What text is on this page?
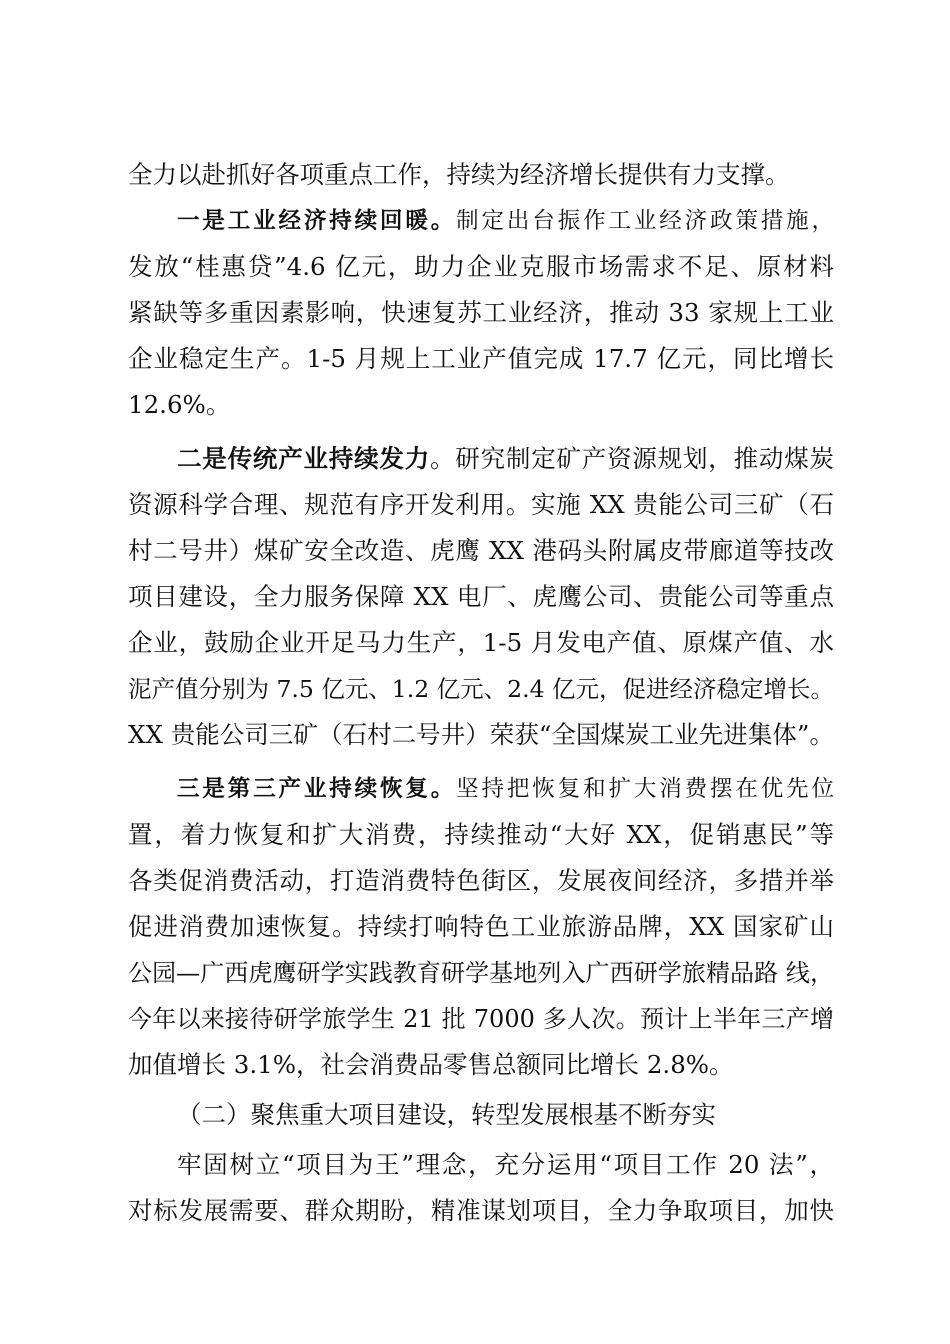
全力以赴抓好各项重点工作，持续为经济增长提供有力支撑。
一是工业经济持续回暖。制定出台振作工业经济政策措施，
发放“桂惠贷”4.6 亿元，助力企业克服市场需求不足、原材料
紧缺等多重因素影响，快速复苏工业经济，推动 33 家规上工业
企业稳定生产。1-5 月规上工业产值完成 17.7 亿元，同比增长
12.6%。
二是传统产业持续发力。研究制定矿产资源规划，推动煤炭
资源科学合理、规范有序开发利用。实施 XX 贵能公司三矿（石
村二号井）煤矿安全改造、虎鹰 XX 港码头附属皮带廊道等技改
项目建设，全力服务保障 XX 电厂、虎鹰公司、贵能公司等重点
企业，鼓励企业开足马力生产，1-5 月发电产值、原煤产值、水
泥产值分别为 7.5 亿元、1.2 亿元、2.4 亿元，促进经济稳定增长。
XX 贵能公司三矿（石村二号井）荣获“全国煤炭工业先进集体”。
三是第三产业持续恢复。坚持把恢复和扩大消费摆在优先位
置，着力恢复和扩大消费，持续推动“大好 XX，促销惠民”等
各类促消费活动，打造消费特色街区，发展夜间经济，多措并举
促进消费加速恢复。持续打响特色工业旅游品牌，XX 国家矿山
公园—广西虎鹰研学实践教育研学基地列入广西研学旅精品路 线，
今年以来接待研学旅学生 21 批 7000 多人次。预计上半年三产增
加值增长 3.1%，社会消费品零售总额同比增长 2.8%。
（二）聚焦重大项目建设，转型发展根基不断夯实
牢固树立“项目为王”理念，充分运用“项目工作 20 法”，
对标发展需要、群众期盼，精准谋划项目，全力争取项目，加快
